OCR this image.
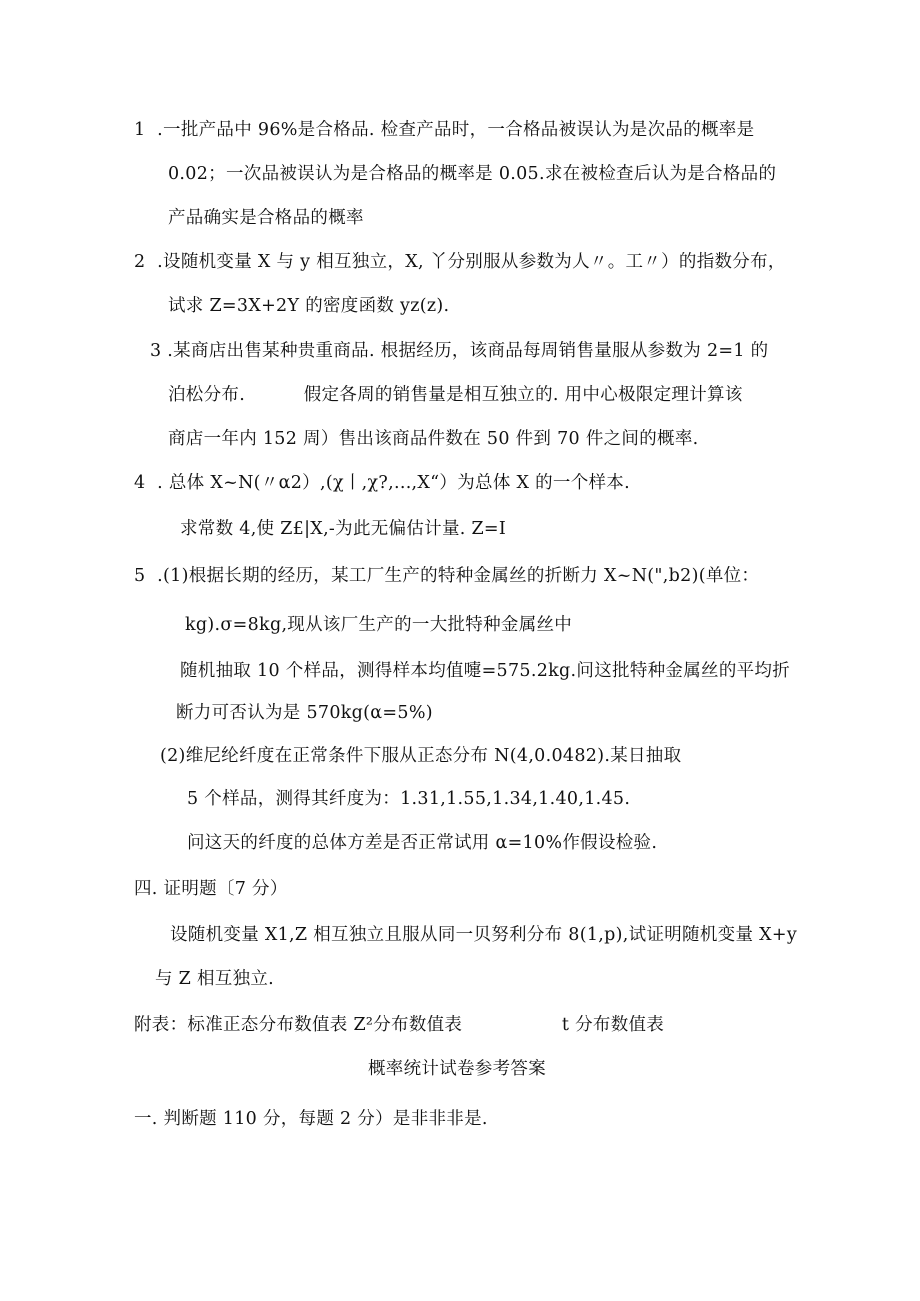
1  .一批产品中 96%是合格品. 检查产品时，一合格品被误认为是次品的概率是
0.02；一次品被误认为是合格品的概率是 0.05.求在被检查后认为是合格品的
产品确实是合格品的概率
2  .设随机变量 X 与 y 相互独立，X, 丫分别服从参数为人〃。工〃）的指数分布，
试求 Z=3X+2Y 的密度函数 yz(z).
3 .某商店出售某种贵重商品. 根据经历，该商品每周销售量服从参数为 2=1 的
泊松分布.          假定各周的销售量是相互独立的. 用中心极限定理计算该
商店一年内 152 周）售出该商品件数在 50 件到 70 件之间的概率.
4  . 总体 X~N(〃α2）,(χ丨,χ?,...,X“）为总体 X 的一个样本.
求常数 4,使 Z£|X,-为此无偏估计量. Z=I
5  .(1)根据长期的经历，某工厂生产的特种金属丝的折断力 X~N(",b2)(单位：
kg).σ=8kg,现从该厂生产的一大批特种金属丝中
随机抽取 10 个样品，测得样本均值嚏=575.2kg.问这批特种金属丝的平均折
断力可否认为是 570kg(α=5%)
(2)维尼纶纤度在正常条件下服从正态分布 N(4,0.0482).某日抽取
5 个样品，测得其纤度为：1.31,1.55,1.34,1.40,1.45.
问这天的纤度的总体方差是否正常试用 α=10%作假设检验.
四. 证明题〔7 分）
设随机变量 X1,Z 相互独立且服从同一贝努利分布 8(1,p),试证明随机变量 X+y
与 Z 相互独立.
附表：标准正态分布数值表 Z²分布数值表                 t 分布数值表
概率统计试卷参考答案
一. 判断题 110 分，每题 2 分）是非非非是.
